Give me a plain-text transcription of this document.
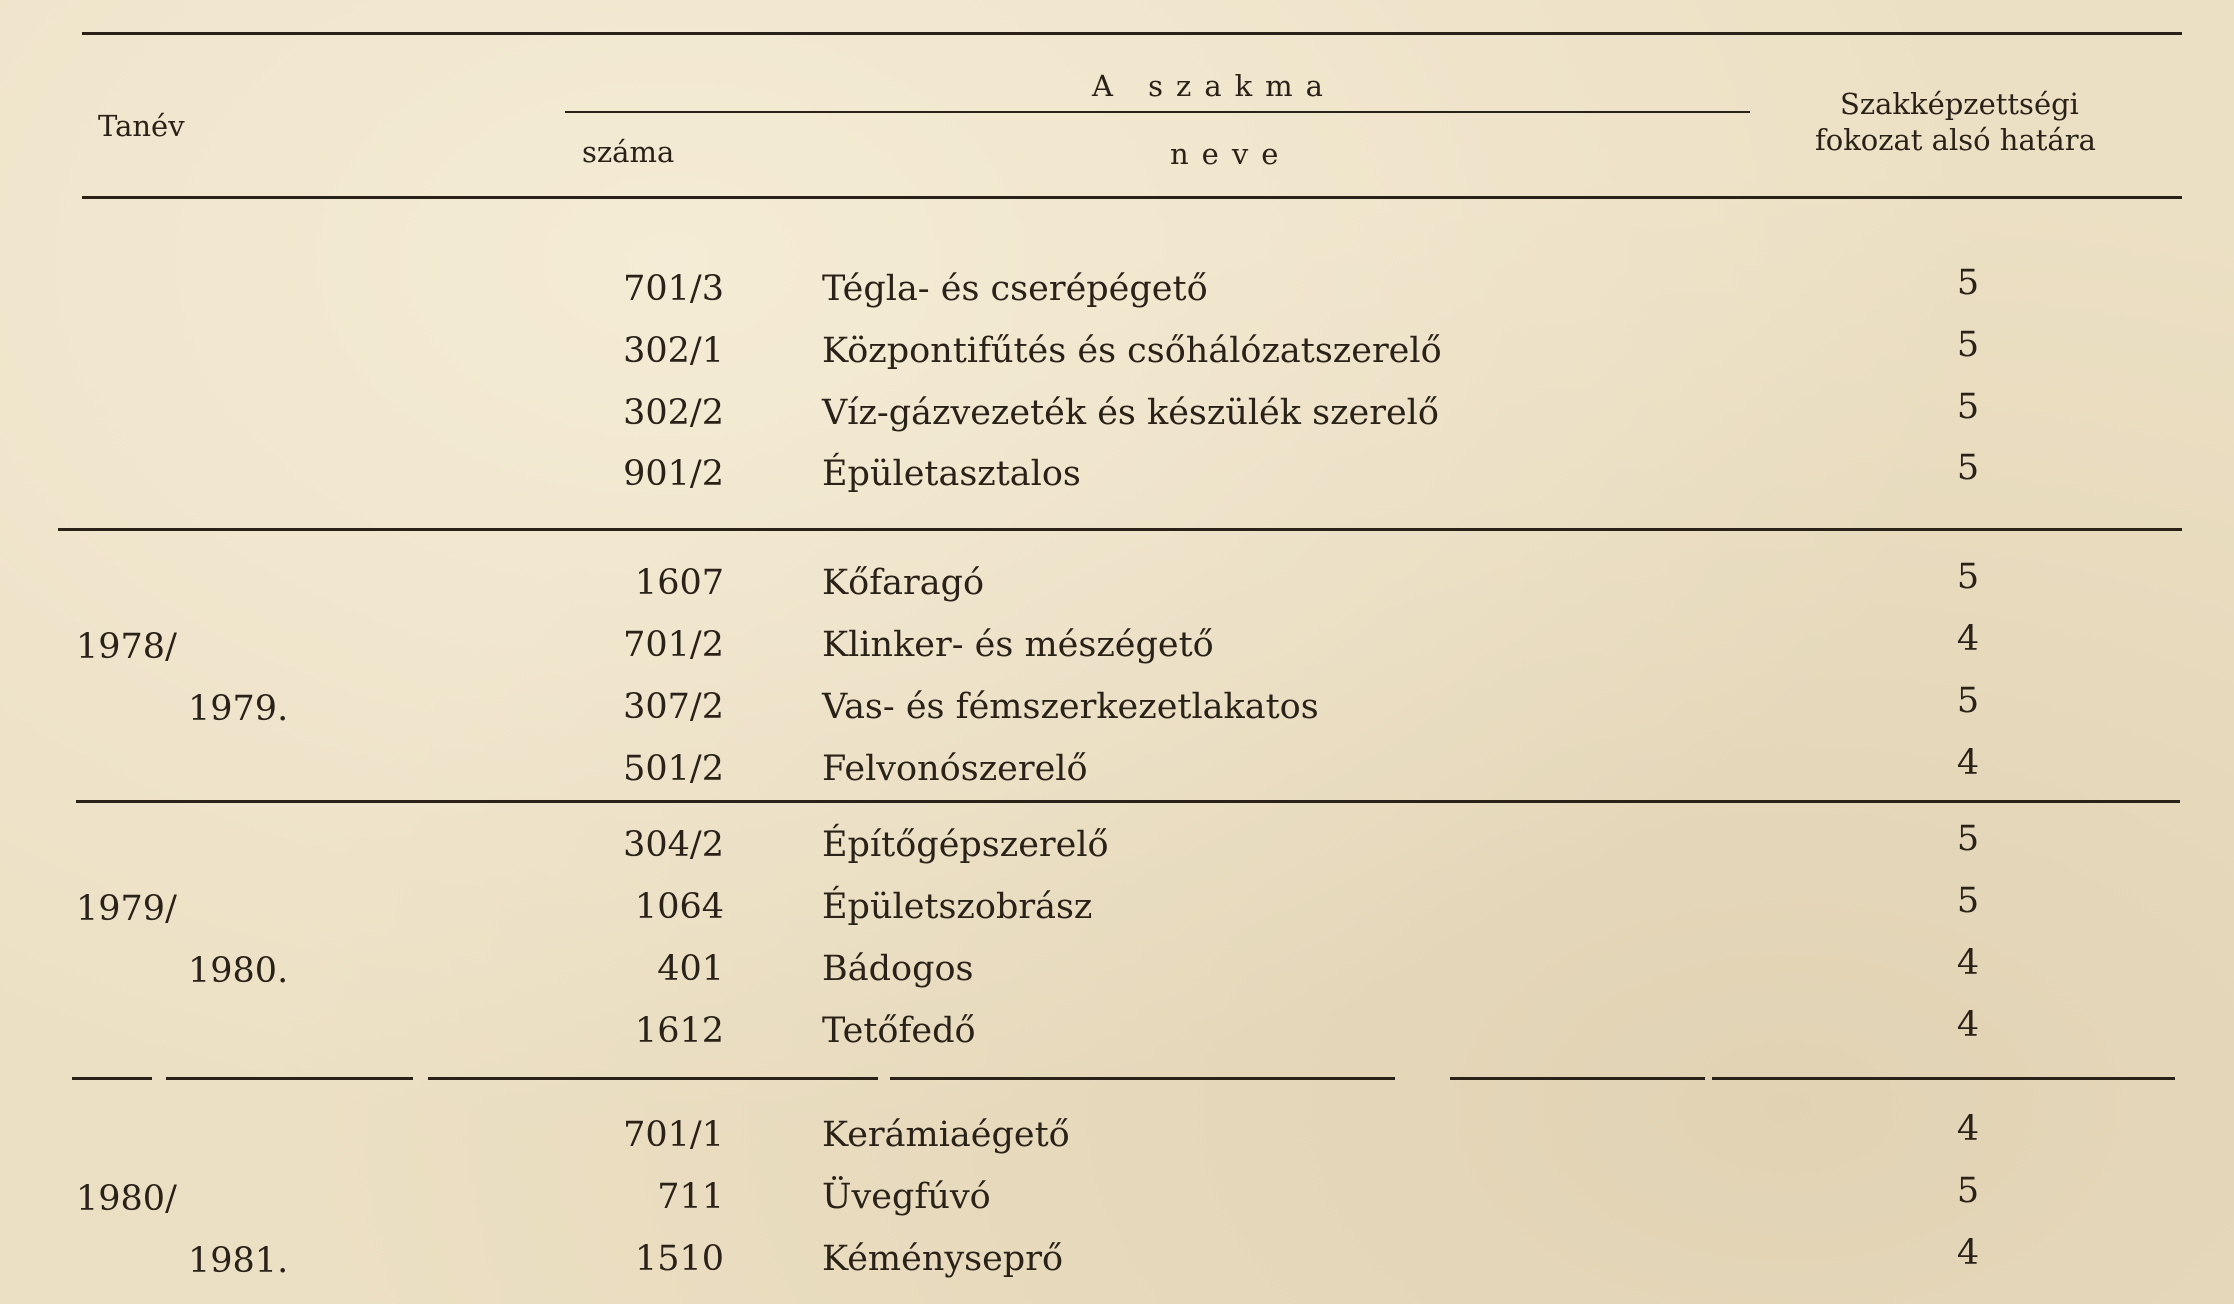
Tanév
A szakma
száma	neve
Szakképzettségi
fokozat alsó határa
701/3	Tégla- és cserépégető	5
302/1	Központifűtés és csőhálózatszerelő	5
302/2	Víz-gázvezeték és készülék szerelő	5
901/2	Épületasztalos	5
1978/
1979.
1607	Kőfaragó	5
701/2	Klinker- és mészégető	4
307/2	Vas- és fémszerkezetlakatos	5
501/2	Felvonószerelő	4
1979/
1980.
304/2	Építőgépszerelő	5
1064	Épületszobrász	5
401	Bádogos	4
1612	Tetőfedő	4
1980/
1981.
701/1	Kerámiaégető	4
711	Üvegfúvó	5
1510	Kéményseprő	4
